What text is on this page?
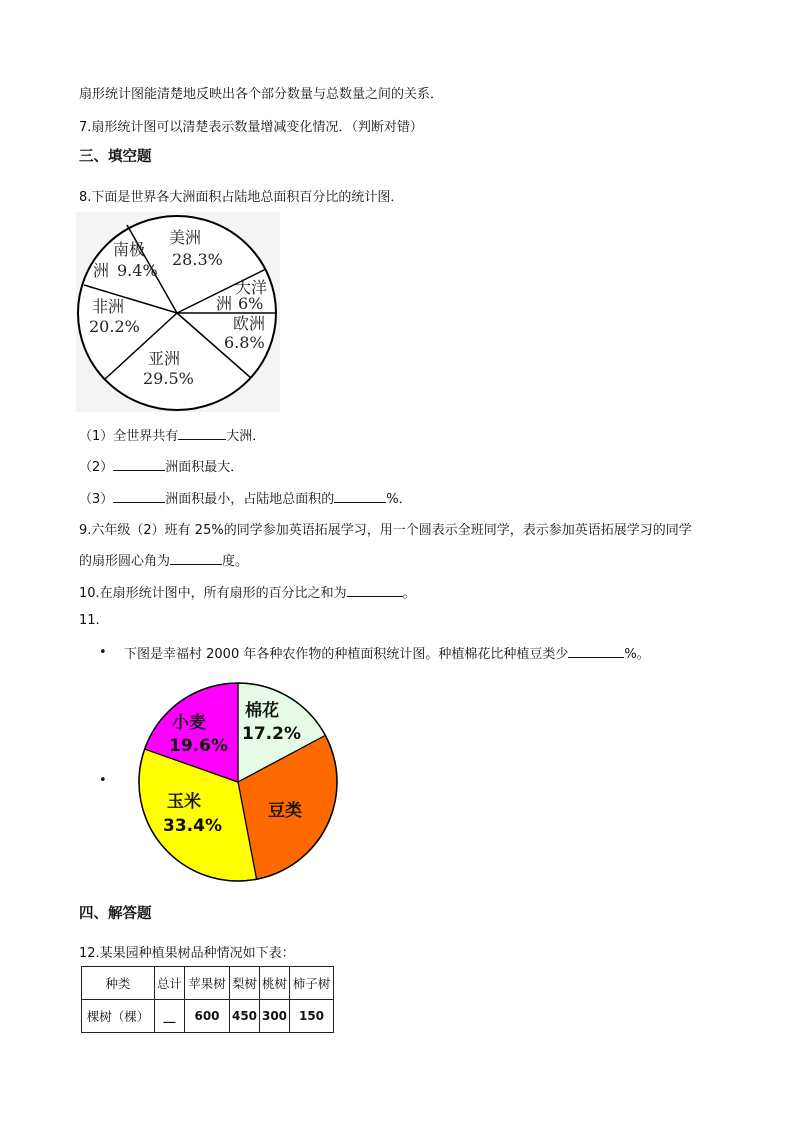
扇形统计图能清楚地反映出各个部分数量与总数量之间的关系．
7.扇形统计图可以清楚表示数量增减变化情况．（判断对错）
三、填空题
8.下面是世界各大洲面积占陆地总面积百分比的统计图．
美洲
28.3%
南极
洲 9.4%
大洋
洲 6%
欧洲
6.8%
非洲
20.2%
亚洲
29.5%
（1）全世界共有	大洲．
（2）	洲面积最大．
（3）	洲面积最小，占陆地总面积的	%．
9.六年级（2）班有 25%的同学参加英语拓展学习，用一个圆表示全班同学，表示参加英语拓展学习的同学
的扇形圆心角为	度。
10.在扇形统计图中，所有扇形的百分比之和为	。
11.
• 下图是幸福村 2000 年各种农作物的种植面积统计图。种植棉花比种植豆类少	%。
•
棉花
17.2%
豆类
玉米
33.4%
小麦
19.6%
四、解答题
12.某果园种植果树品种情况如下表：
种类	总计	苹果树	梨树	桃树	柿子树
棵树（棵）	__	600	450	300	150
